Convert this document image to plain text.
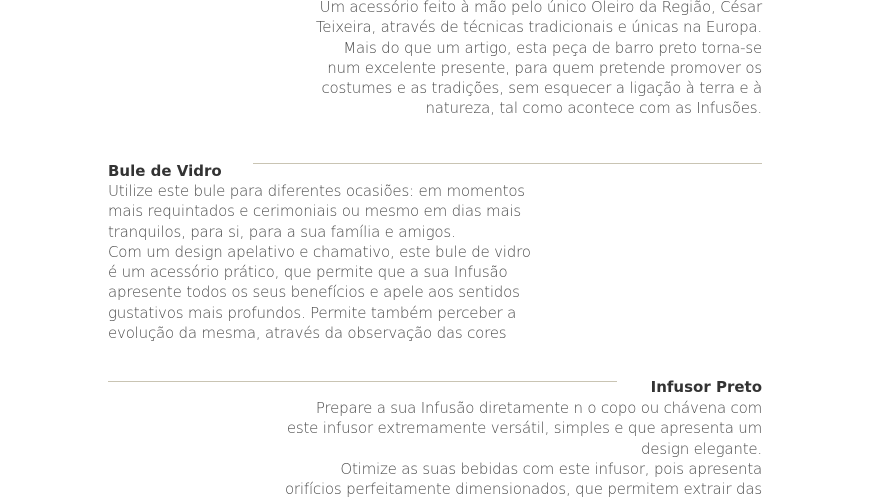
Um acessório feito à mão pelo único Oleiro da Região, César
Teixeira, através de técnicas tradicionais e únicas na Europa.
Mais do que um artigo, esta peça de barro preto torna-se
num excelente presente, para quem pretende promover os
costumes e as tradições, sem esquecer a ligação à terra e à
natureza, tal como acontece com as Infusões.
Bule de Vidro
Utilize este bule para diferentes ocasiões: em momentos
mais requintados e cerimoniais ou mesmo em dias mais
tranquilos, para si, para a sua família e amigos.
Com um design apelativo e chamativo, este bule de vidro
é um acessório prático, que permite que a sua Infusão
apresente todos os seus benefícios e apele aos sentidos
gustativos mais profundos. Permite também perceber a
evolução da mesma, através da observação das cores
Infusor Preto
Prepare a sua Infusão diretamente n o copo ou chávena com
este infusor extremamente versátil, simples e que apresenta um
design elegante.
Otimize as suas bebidas com este infusor, pois apresenta
orifícios perfeitamente dimensionados, que permitem extrair das
